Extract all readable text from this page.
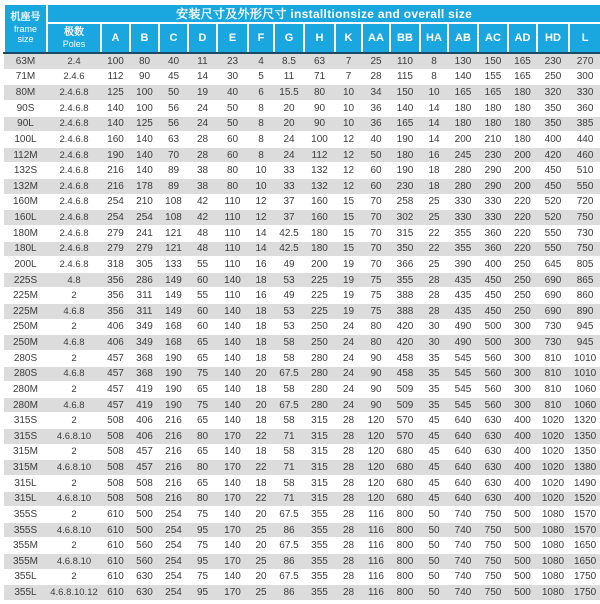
机座号
frame size	安装尺寸及外形尺寸 installtionsize and overall size																	

	极数
Poles	A	B	C	D	E	F	G	H	K	AA	BB	HA	AB	AC	AD	HD	L
63M	2.4	100	80	40	11	23	4	8.5	63	7	25	110	8	130	150	165	230	270
71M	2.4.6	112	90	45	14	30	5	11	71	7	28	115	8	140	155	165	250	300
80M	2.4.6.8	125	100	50	19	40	6	15.5	80	10	34	150	10	165	165	180	320	330
90S	2.4.6.8	140	100	56	24	50	8	20	90	10	36	140	14	180	180	180	350	360
90L	2.4.6.8	140	125	56	24	50	8	20	90	10	36	165	14	180	180	180	350	385
100L	2.4.6.8	160	140	63	28	60	8	24	100	12	40	190	14	200	210	180	400	440
112M	2.4.6.8	190	140	70	28	60	8	24	112	12	50	180	16	245	230	200	420	460
132S	2.4.6.8	216	140	89	38	80	10	33	132	12	60	190	18	280	290	200	450	510
132M	2.4.6.8	216	178	89	38	80	10	33	132	12	60	230	18	280	290	200	450	550
160M	2.4.6.8	254	210	108	42	110	12	37	160	15	70	258	25	330	330	220	520	720
160L	2.4.6.8	254	254	108	42	110	12	37	160	15	70	302	25	330	330	220	520	750
180M	2.4.6.8	279	241	121	48	110	14	42.5	180	15	70	315	22	355	360	220	550	730
180L	2.4.6.8	279	279	121	48	110	14	42.5	180	15	70	350	22	355	360	220	550	750
200L	2.4.6.8	318	305	133	55	110	16	49	200	19	70	366	25	390	400	250	645	805
225S	4.8	356	286	149	60	140	18	53	225	19	75	355	28	435	450	250	690	865
225M	2	356	311	149	55	110	16	49	225	19	75	388	28	435	450	250	690	860
225M	4.6.8	356	311	149	60	140	18	53	225	19	75	388	28	435	450	250	690	890
250M	2	406	349	168	60	140	18	53	250	24	80	420	30	490	500	300	730	945
250M	4.6.8	406	349	168	65	140	18	58	250	24	80	420	30	490	500	300	730	945
280S	2	457	368	190	65	140	18	58	280	24	90	458	35	545	560	300	810	1010
280S	4.6.8	457	368	190	75	140	20	67.5	280	24	90	458	35	545	560	300	810	1010
280M	2	457	419	190	65	140	18	58	280	24	90	509	35	545	560	300	810	1060
280M	4.6.8	457	419	190	75	140	20	67.5	280	24	90	509	35	545	560	300	810	1060
315S	2	508	406	216	65	140	18	58	315	28	120	570	45	640	630	400	1020	1320
315S	4.6.8.10	508	406	216	80	170	22	71	315	28	120	570	45	640	630	400	1020	1350
315M	2	508	457	216	65	140	18	58	315	28	120	680	45	640	630	400	1020	1350
315M	4.6.8.10	508	457	216	80	170	22	71	315	28	120	680	45	640	630	400	1020	1380
315L	2	508	508	216	65	140	18	58	315	28	120	680	45	640	630	400	1020	1490
315L	4.6.8.10	508	508	216	80	170	22	71	315	28	120	680	45	640	630	400	1020	1520
355S	2	610	500	254	75	140	20	67.5	355	28	116	800	50	740	750	500	1080	1570
355S	4.6.8.10	610	500	254	95	170	25	86	355	28	116	800	50	740	750	500	1080	1570
355M	2	610	560	254	75	140	20	67.5	355	28	116	800	50	740	750	500	1080	1650
355M	4.6.8.10	610	560	254	95	170	25	86	355	28	116	800	50	740	750	500	1080	1650
355L	2	610	630	254	75	140	20	67.5	355	28	116	800	50	740	750	500	1080	1750
355L	4.6.8.10.12	610	630	254	95	170	25	86	355	28	116	800	50	740	750	500	1080	1750
